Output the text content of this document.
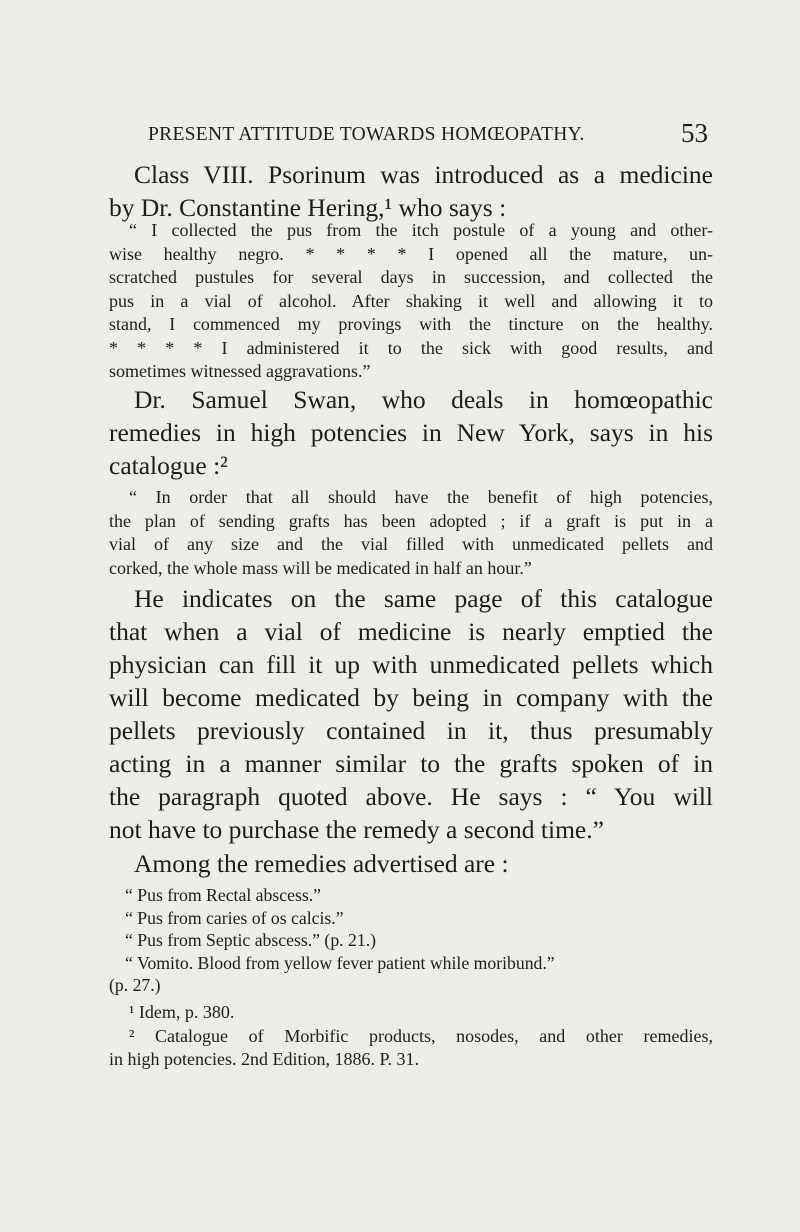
PRESENT ATTITUDE TOWARDS HOMŒOPATHY.	53

Class VIII. Psorinum was introduced as a medicine
by Dr. Constantine Hering,¹ who says :

“ I collected the pus from the itch postule of a young and other-
wise healthy negro. * * * * I opened all the mature, un-
scratched pustules for several days in succession, and collected the
pus in a vial of alcohol. After shaking it well and allowing it to
stand, I commenced my provings with the tincture on the healthy.
* * * * I administered it to the sick with good results, and
sometimes witnessed aggravations.”

Dr. Samuel Swan, who deals in homœopathic
remedies in high potencies in New York, says in his
catalogue :²

“ In order that all should have the benefit of high potencies,
the plan of sending grafts has been adopted ; if a graft is put in a
vial of any size and the vial filled with unmedicated pellets and
corked, the whole mass will be medicated in half an hour.”

He indicates on the same page of this catalogue
that when a vial of medicine is nearly emptied the
physician can fill it up with unmedicated pellets which
will become medicated by being in company with the
pellets previously contained in it, thus presumably
acting in a manner similar to the grafts spoken of in
the paragraph quoted above. He says : “ You will
not have to purchase the remedy a second time.”

Among the remedies advertised are :

“ Pus from Rectal abscess.”
“ Pus from caries of os calcis.”
“ Pus from Septic abscess.” (p. 21.)
“ Vomito. Blood from yellow fever patient while moribund.”
(p. 27.)
¹ Idem, p. 380.
² Catalogue of Morbific products, nosodes, and other remedies,
in high potencies. 2nd Edition, 1886. P. 31.
